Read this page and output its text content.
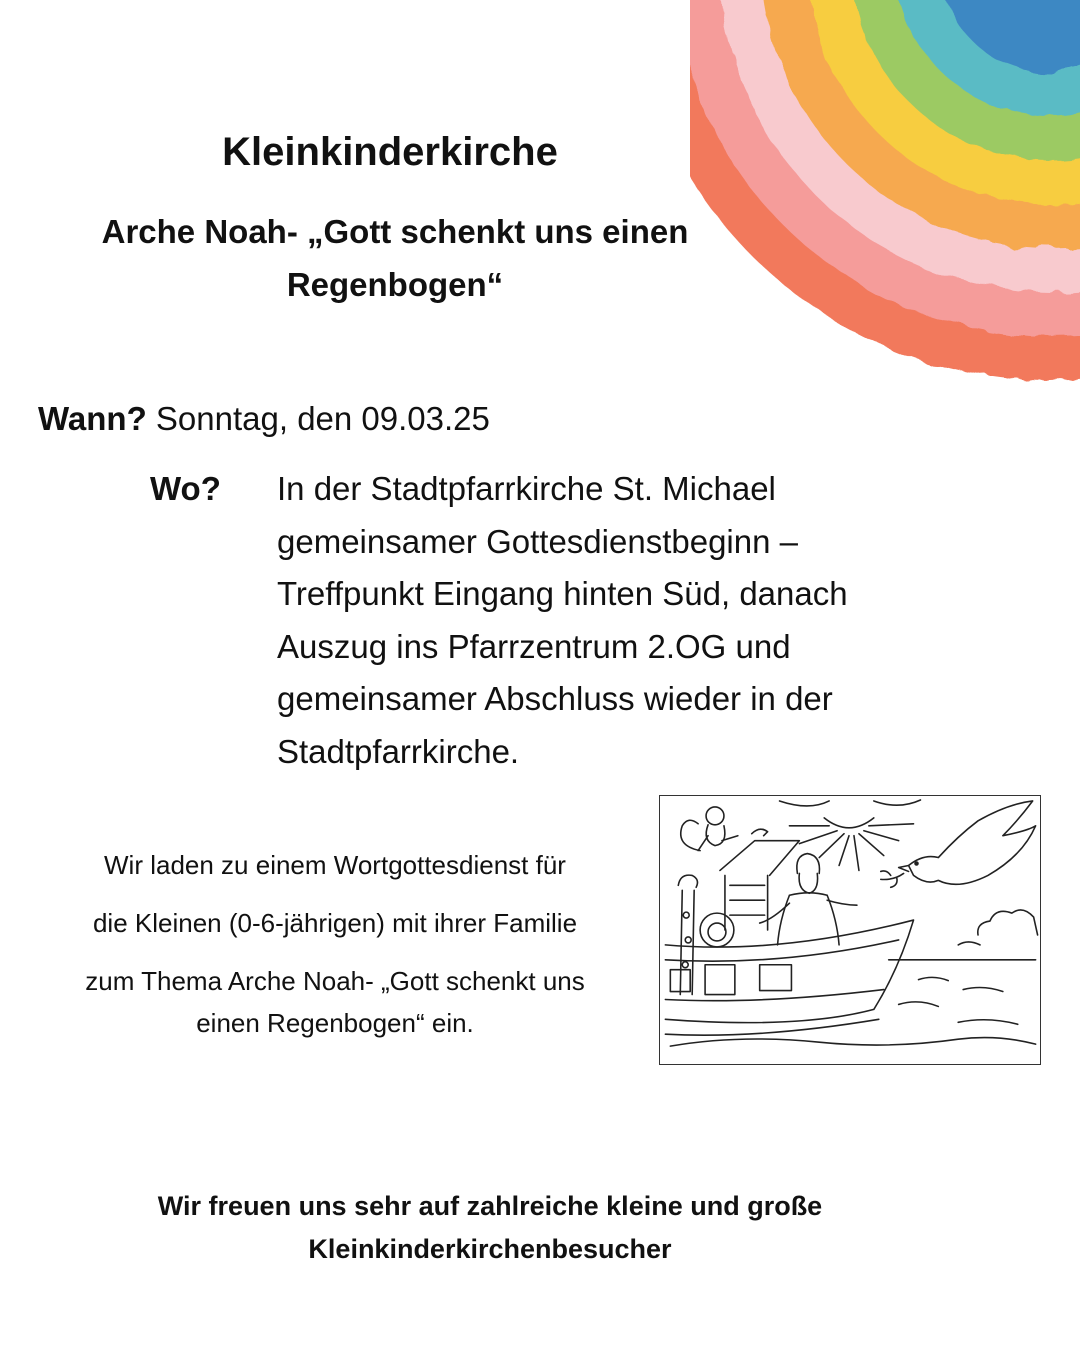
Kleinkinderkirche
Arche Noah- „Gott schenkt uns einen Regenbogen“

Wann? Sonntag, den 09.03.25

Wo? In der Stadtpfarrkirche St. Michael
gemeinsamer Gottesdienstbeginn –
Treffpunkt Eingang hinten Süd, danach
Auszug ins Pfarrzentrum 2.OG und
gemeinsamer Abschluss wieder in der
Stadtpfarrkirche.

Wir laden zu einem Wortgottesdienst für
die Kleinen (0-6-jährigen) mit ihrer Familie
zum Thema Arche Noah- „Gott schenkt uns
einen Regenbogen“ ein.

Wir freuen uns sehr auf zahlreiche kleine und große Kleinkinderkirchenbesucher
